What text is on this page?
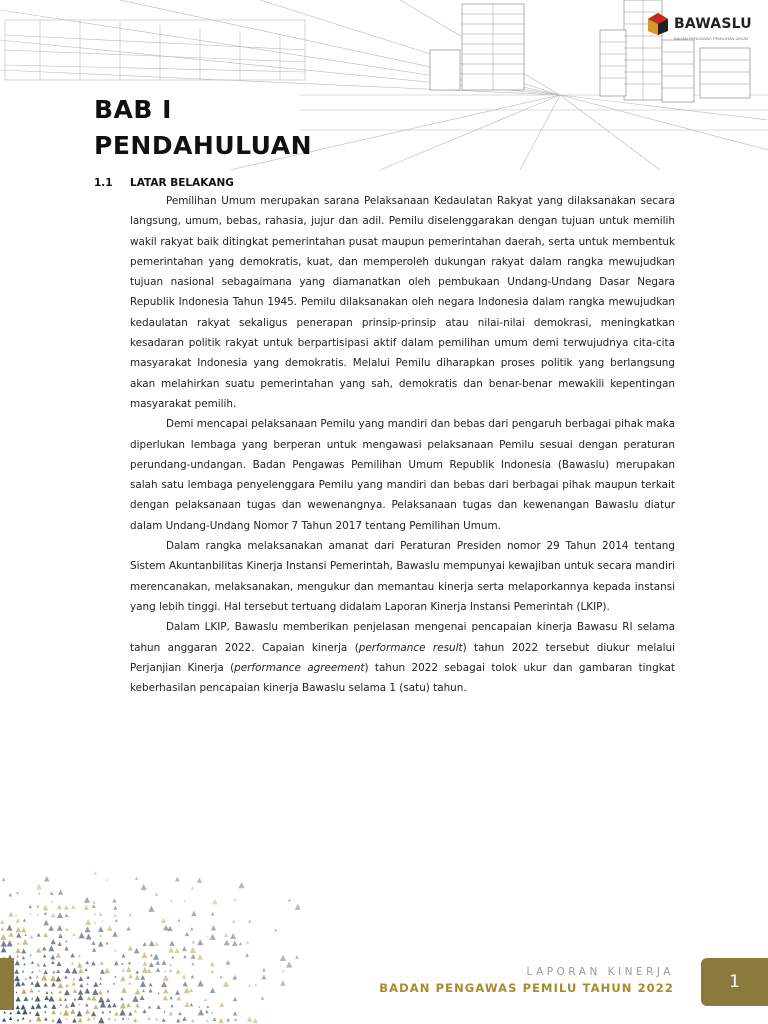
BAWASLU
BADAN PENGAWAS PEMILIHAN UMUM
BAB I
PENDAHULUAN
1.1 LATAR BELAKANG

Pemilihan Umum merupakan sarana Pelaksanaan Kedaulatan Rakyat yang dilaksanakan secara langsung, umum, bebas, rahasia, jujur dan adil. Pemilu diselenggarakan dengan tujuan untuk memilih wakil rakyat baik ditingkat pemerintahan pusat maupun pemerintahan daerah, serta untuk membentuk pemerintahan yang demokratis, kuat, dan memperoleh dukungan rakyat dalam rangka mewujudkan tujuan nasional sebagaimana yang diamanatkan oleh pembukaan Undang-Undang Dasar Negara Republik Indonesia Tahun 1945. Pemilu dilaksanakan oleh negara Indonesia dalam rangka mewujudkan kedaulatan rakyat sekaligus penerapan prinsip-prinsip atau nilai-nilai demokrasi, meningkatkan kesadaran politik rakyat untuk berpartisipasi aktif dalam pemilihan umum demi terwujudnya cita-cita masyarakat Indonesia yang demokratis. Melalui Pemilu diharapkan proses politik yang berlangsung akan melahirkan suatu pemerintahan yang sah, demokratis dan benar-benar mewakili kepentingan masyarakat pemilih.

Demi mencapai pelaksanaan Pemilu yang mandiri dan bebas dari pengaruh berbagai pihak maka diperlukan lembaga yang berperan untuk mengawasi pelaksanaan Pemilu sesuai dengan peraturan perundang-undangan. Badan Pengawas Pemilihan Umum Republik Indonesia (Bawaslu) merupakan salah satu lembaga penyelenggara Pemilu yang mandiri dan bebas dari berbagai pihak maupun terkait dengan pelaksanaan tugas dan wewenangnya. Pelaksanaan tugas dan kewenangan Bawaslu diatur dalam Undang-Undang Nomor 7 Tahun 2017 tentang Pemilihan Umum.

Dalam rangka melaksanakan amanat dari Peraturan Presiden nomor 29 Tahun 2014 tentang Sistem Akuntanbilitas Kinerja Instansi Pemerintah, Bawaslu mempunyai kewajiban untuk secara mandiri merencanakan, melaksanakan, mengukur dan memantau kinerja serta melaporkannya kepada instansi yang lebih tinggi. Hal tersebut tertuang didalam Laporan Kinerja Instansi Pemerintah (LKIP).

Dalam LKIP, Bawaslu memberikan penjelasan mengenai pencapaian kinerja Bawasu RI selama tahun anggaran 2022. Capaian kinerja (performance result) tahun 2022 tersebut diukur melalui Perjanjian Kinerja (performance agreement) tahun 2022 sebagai tolok ukur dan gambaran tingkat keberhasilan pencapaian kinerja Bawaslu selama 1 (satu) tahun.

LAPORAN KINERJA
BADAN PENGAWAS PEMILU TAHUN 2022	1
